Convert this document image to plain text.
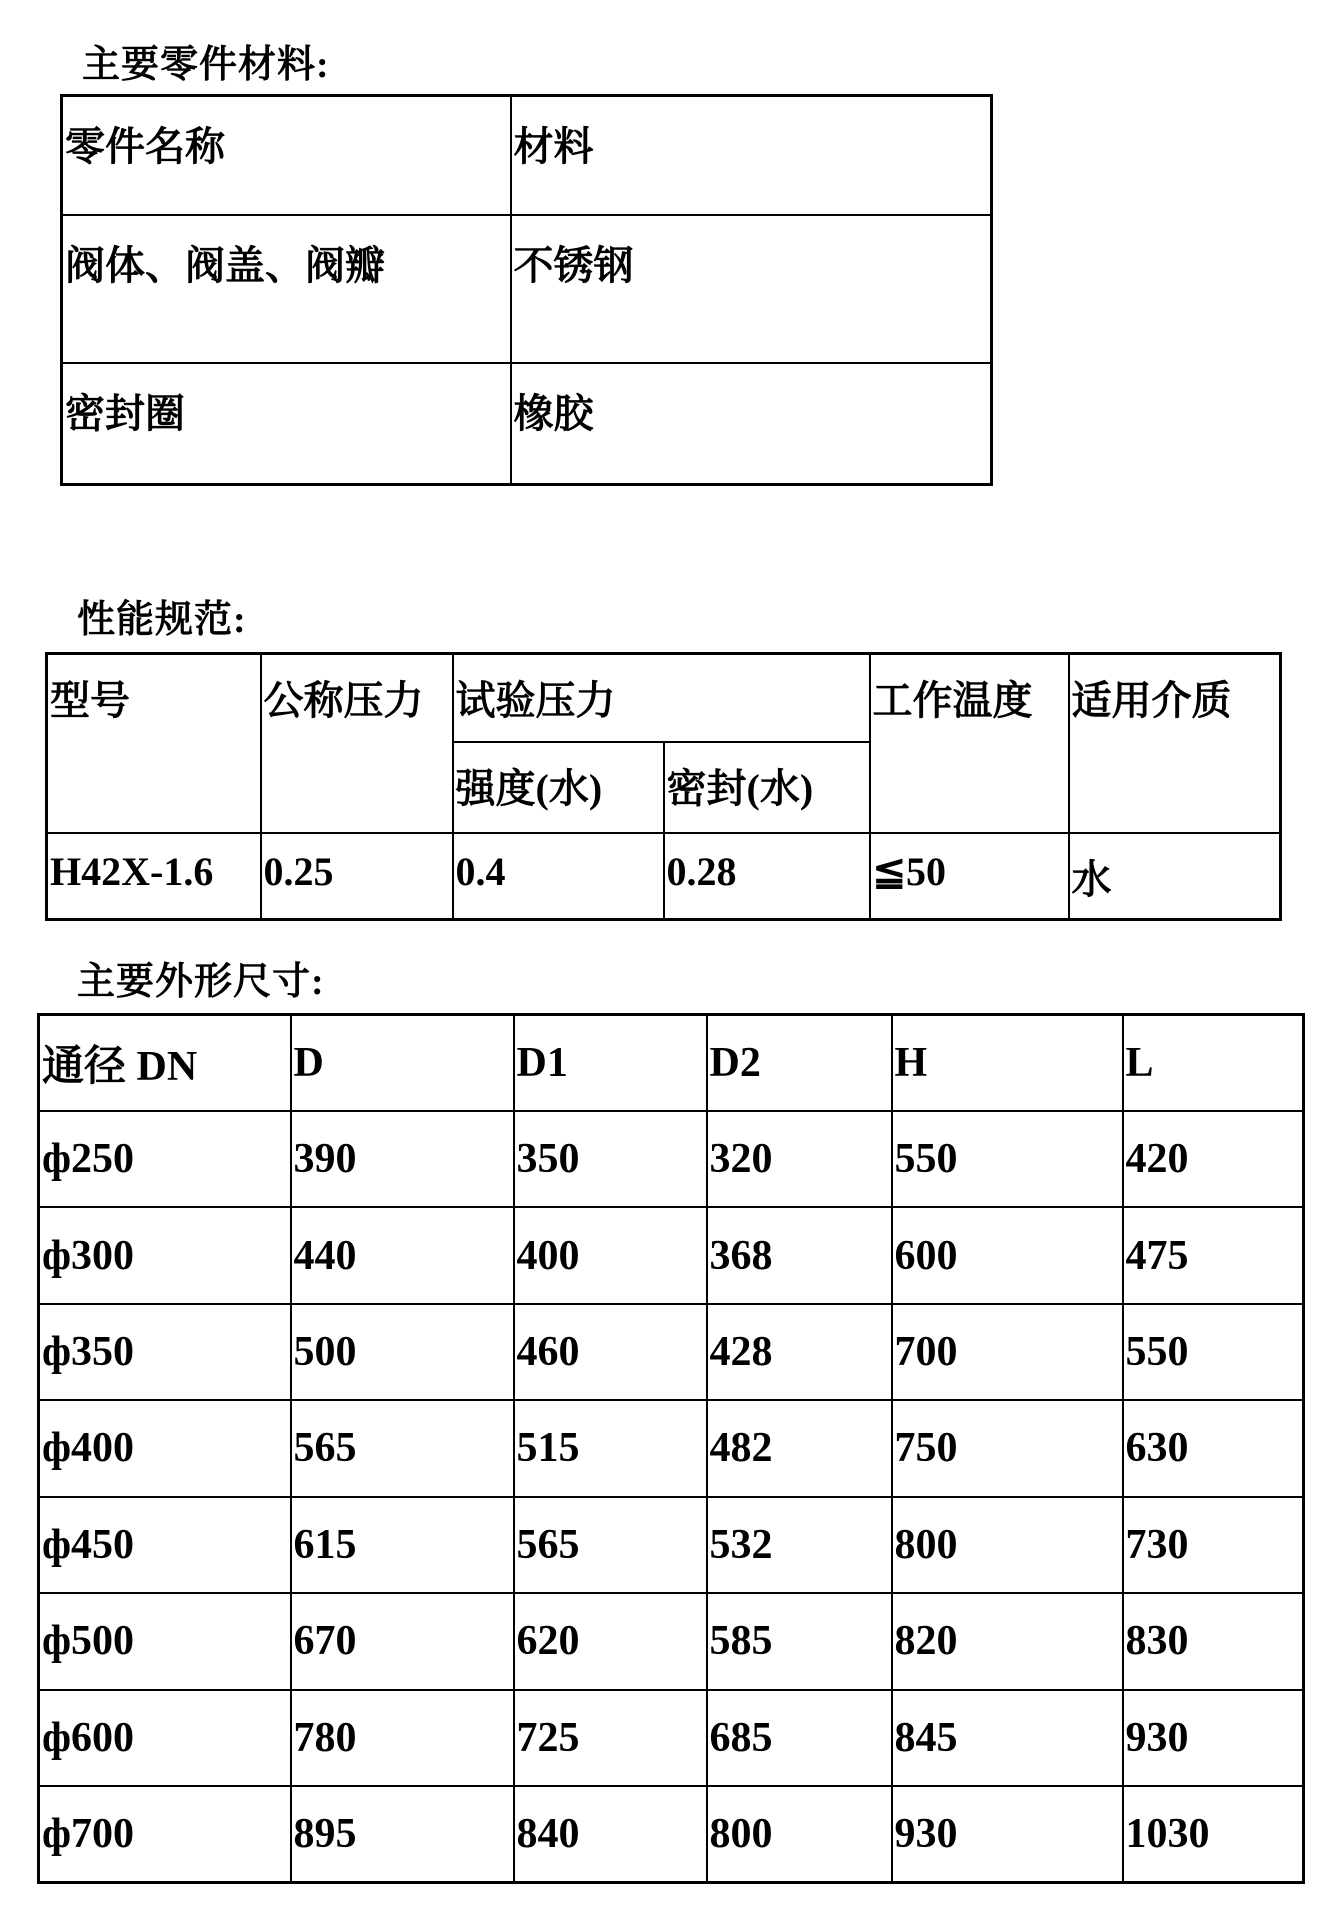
主要零件材料:
零件名称	材料
阀体、阀盖、阀瓣	不锈钢
密封圈	橡胶
性能规范:
型号	公称压力	试验压力		工作温度	适用介质
		强度(水)	密封(水)		
H42X-1.6	0.25	0.4	0.28	≦50	水
主要外形尺寸:
通径 DN	D	D1	D2	H	L
ф250	390	350	320	550	420
ф300	440	400	368	600	475
ф350	500	460	428	700	550
ф400	565	515	482	750	630
ф450	615	565	532	800	730
ф500	670	620	585	820	830
ф600	780	725	685	845	930
ф700	895	840	800	930	1030
